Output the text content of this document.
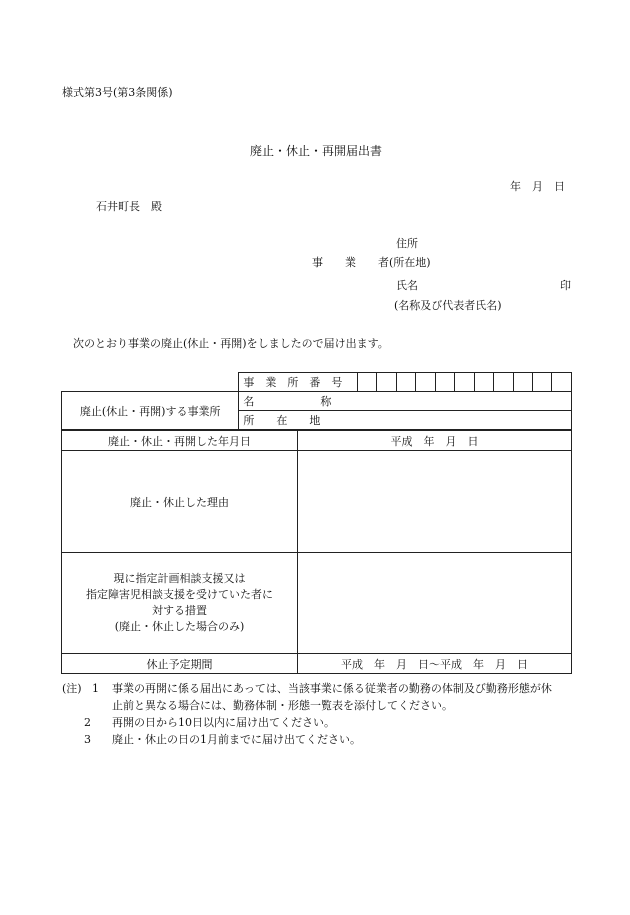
様式第3号(第3条関係)
廃止・休止・再開届出書
年　月　日
石井町長　殿
住所
事　　業　　者(所在地)
氏名	印
(名称及び代表者氏名)
次のとおり事業の廃止(休止・再開)をしましたので届け出ます。
	事　業　所　番　号											
廃止(休止・再開)する事業所	名　　　　　　称											
	所　　在　　地											
廃止・休止・再開した年月日	平成　年　月　日
廃止・休止した理由	

現に指定計画相談支援又は
指定障害児相談支援を受けていた者に
対する措置
(廃止・休止した場合のみ)	

休止予定期間	平成　年　月　日〜平成　年　月　日
(注) 1	事業の再開に係る届出にあっては、当該事業に係る従業者の勤務の体制及び勤務形態が休
止前と異なる場合には、勤務体制・形態一覧表を添付してください。
2	再開の日から10日以内に届け出てください。
3	廃止・休止の日の1月前までに届け出てください。
